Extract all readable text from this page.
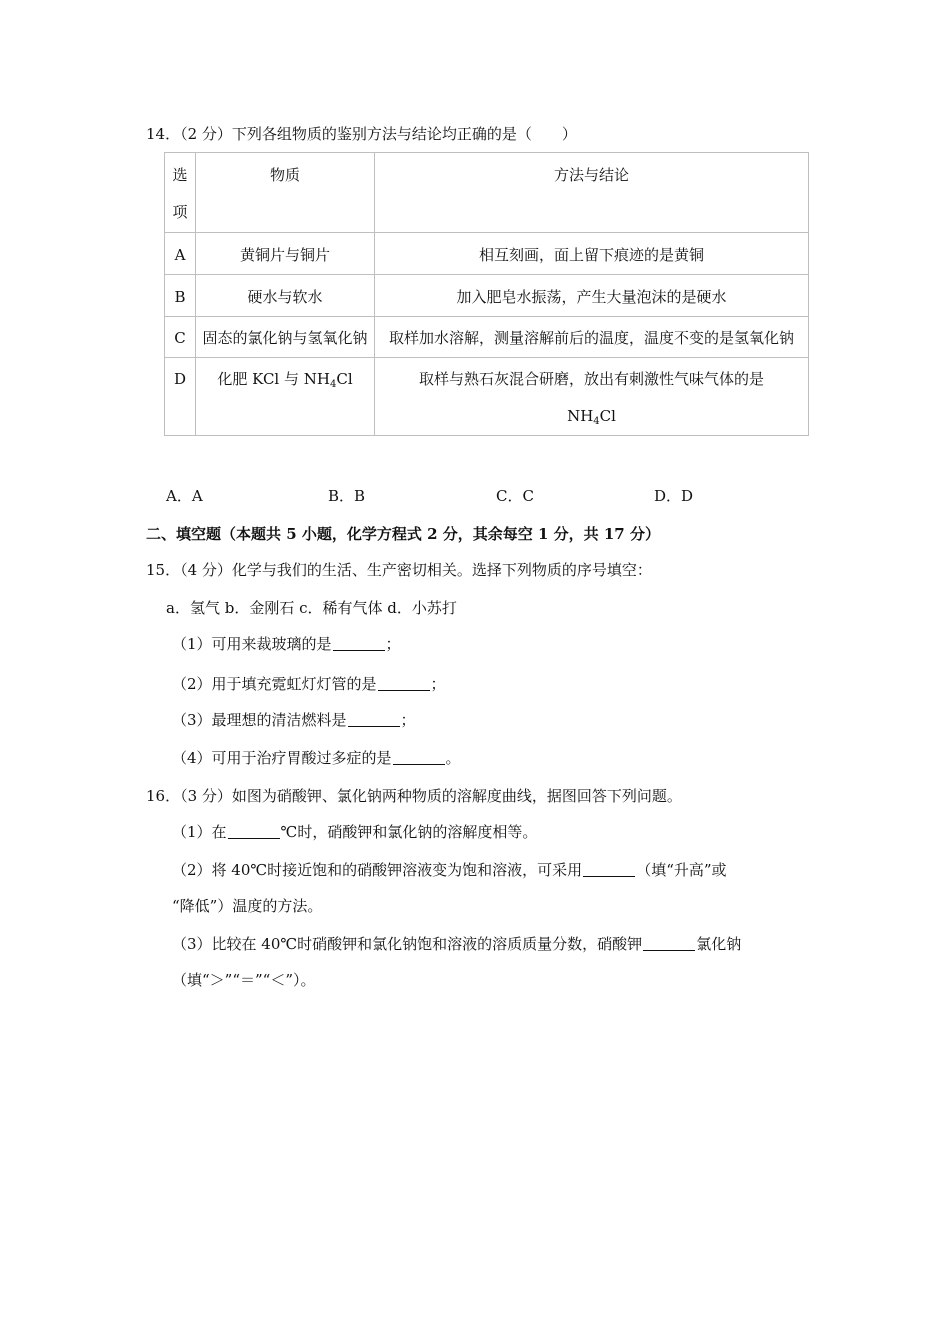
14．（2 分）下列各组物质的鉴别方法与结论均正确的是（　　）
选项	物质	方法与结论
A	黄铜片与铜片	相互刻画，面上留下痕迹的是黄铜
B	硬水与软水	加入肥皂水振荡，产生大量泡沫的是硬水
C	固态的氯化钠与氢氧化钠	取样加水溶解，测量溶解前后的温度，温度不变的是氢氧化钠
D	化肥 KCl 与 $NH_4Cl$	取样与熟石灰混合研磨，放出有刺激性气味气体的是
$NH_4Cl$
A．A	B．B	C．C	D．D
二、填空题（本题共 5 小题，化学方程式 2 分，其余每空 1 分，共 17 分）
15．（4 分）化学与我们的生活、生产密切相关。选择下列物质的序号填空：
a．氢气 b．金刚石 c．稀有气体 d．小苏打
（1）可用来裁玻璃的是	；
（2）用于填充霓虹灯灯管的是	；
（3）最理想的清洁燃料是	；
（4）可用于治疗胃酸过多症的是	。
16．（3 分）如图为硝酸钾、氯化钠两种物质的溶解度曲线，据图回答下列问题。
（1）在	℃时，硝酸钾和氯化钠的溶解度相等。
（2）将 40℃时接近饱和的硝酸钾溶液变为饱和溶液，可采用	（填“升高”或
“降低”）温度的方法。
（3）比较在 40℃时硝酸钾和氯化钠饱和溶液的溶质质量分数，硝酸钾	氯化钠
（填“＞”“＝”“＜”）。
